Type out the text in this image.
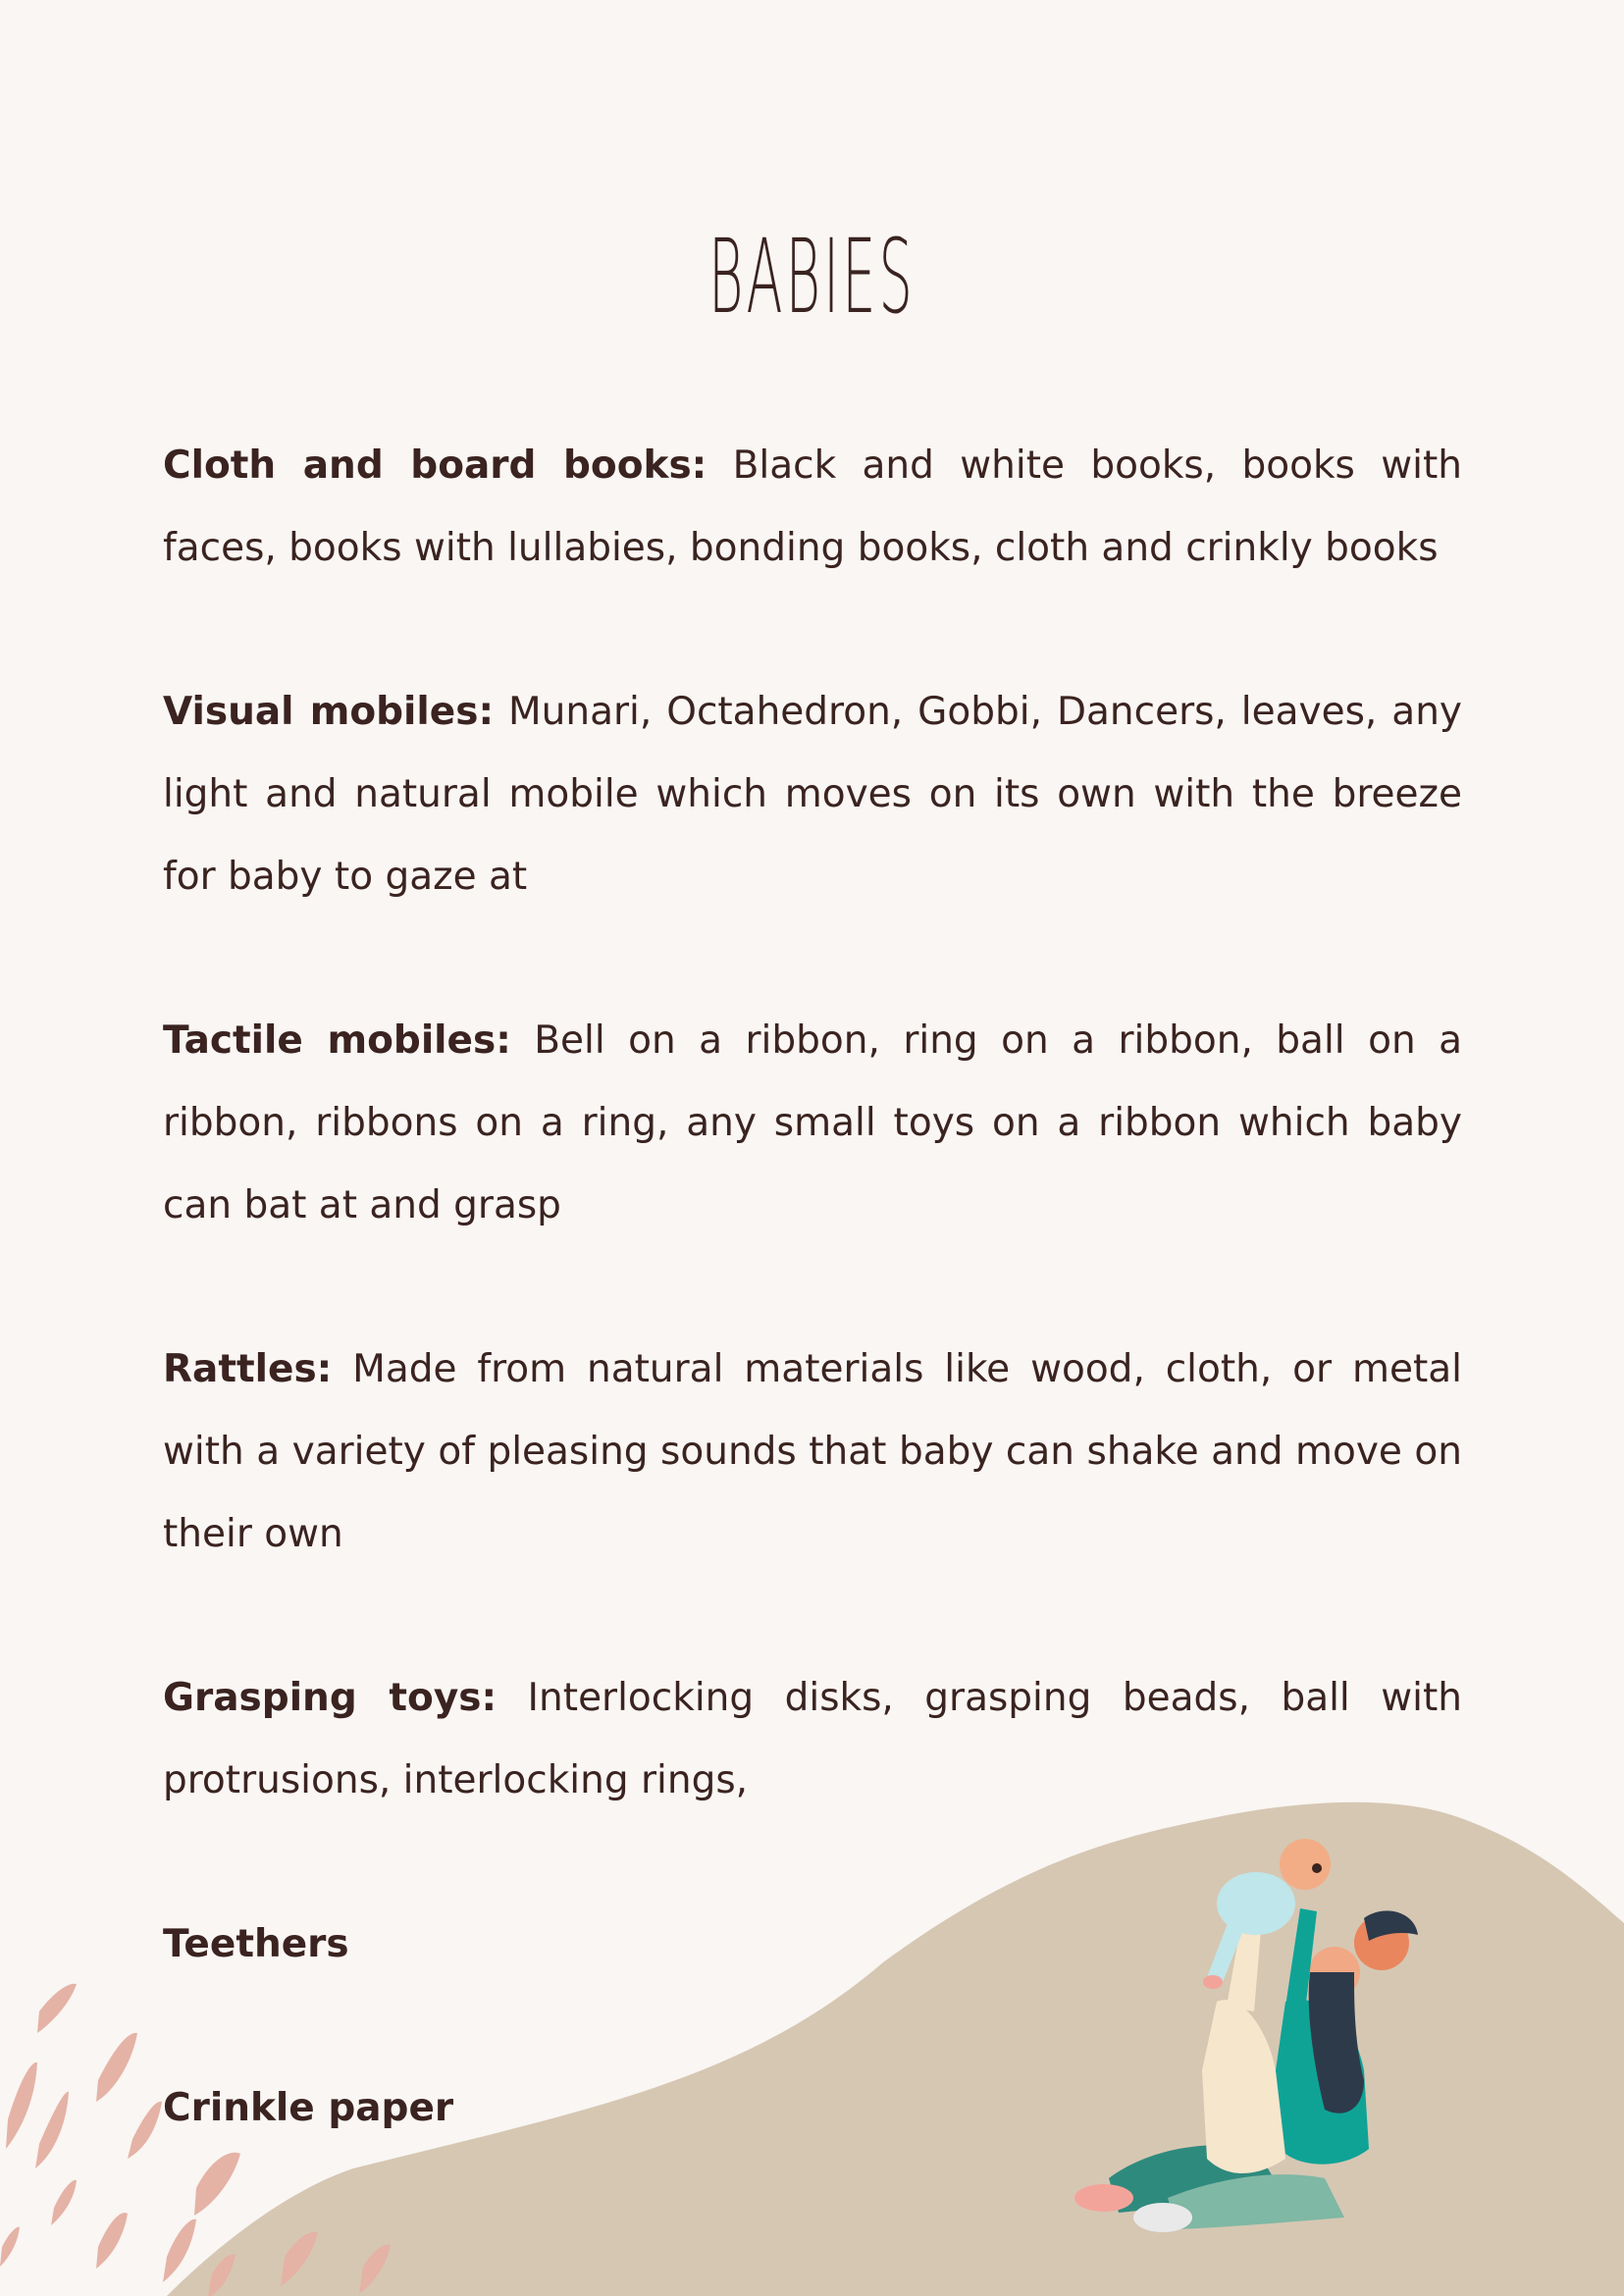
BABIES

Cloth and board books: Black and white books, books with faces, books with lullabies, bonding books, cloth and crinkly books

Visual mobiles: Munari, Octahedron, Gobbi, Dancers, leaves, any light and natural mobile which moves on its own with the breeze for baby to gaze at

Tactile mobiles: Bell on a ribbon, ring on a ribbon, ball on a ribbon, ribbons on a ring, any small toys on a ribbon which baby can bat at and grasp

Rattles: Made from natural materials like wood, cloth, or metal with a variety of pleasing sounds that baby can shake and move on their own

Grasping toys: Interlocking disks, grasping beads, ball with protrusions, interlocking rings,

Teethers

Crinkle paper
